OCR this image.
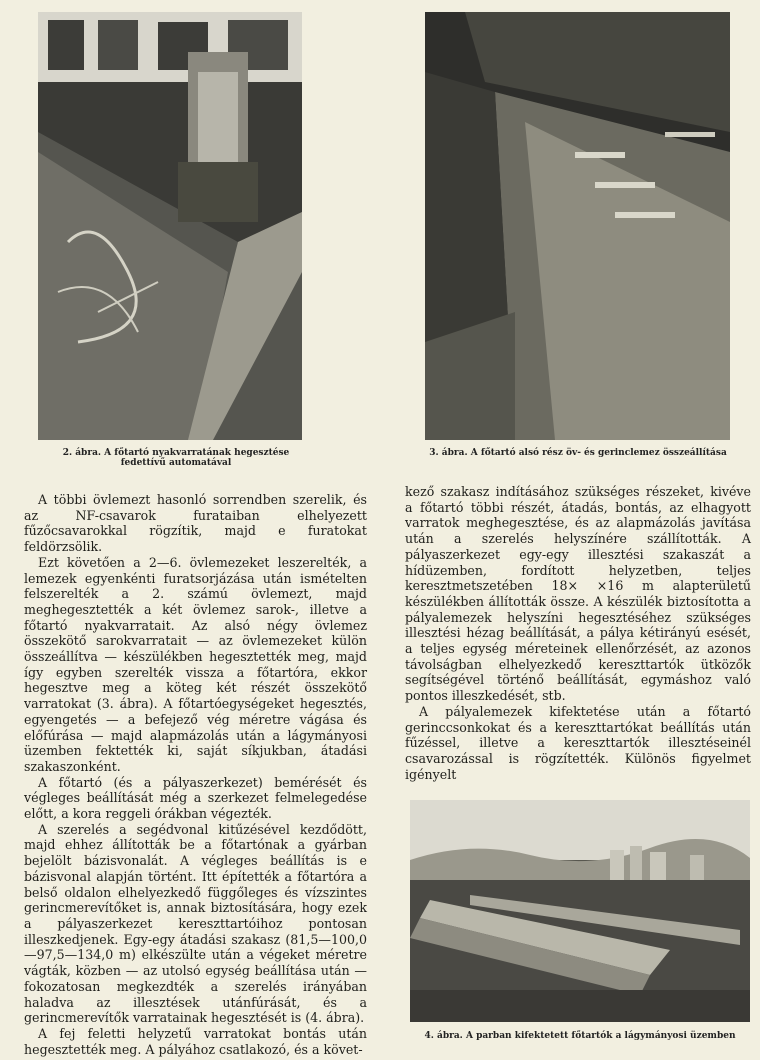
2. ábra. A főtartó nyakvarratának hegesztése fedettívű automatával
3. ábra. A főtartó alsó rész öv- és gerinclemez összeállítása

A többi övlemezt hasonló sorrendben szerelik, és az NF-csavarok furataiban elhelyezett fűzőcsavarokkal rögzítik, majd e furatokat feldörzsölik.

Ezt követően a 2—6. övlemezeket leszerelték, a lemezek egyenkénti furatsorjázása után ismételten felszerelték a 2. számú övlemezt, majd meghegesztették a két övlemez sarok-, illetve a főtartó nyakvarratait. Az alsó négy övlemez összekötő sarokvarratait — az övlemezeket külön összeállítva — készülékben hegesztették meg, majd így egyben szerelték vissza a főtartóra, ekkor hegesztve meg a köteg két részét összekötő varratokat (3. ábra). A főtartóegységeket hegesztés, egyengetés — a befejező vég méretre vágása és előfúrása — majd alapmázolás után a lágymányosi üzemben fektették ki, saját síkjukban, átadási szakaszonként.

A főtartó (és a pályaszerkezet) bemérését és végleges beállítását még a szerkezet felmelegedése előtt, a kora reggeli órákban végezték.

A szerelés a segédvonal kitűzésével kezdődött, majd ehhez állították be a főtartónak a gyárban bejelölt bázisvonalát. A végleges beállítás is e bázisvonal alapján történt. Itt építették a főtartóra a belső oldalon elhelyezkedő függőleges és vízszintes gerincmerevítőket is, annak biztosítására, hogy ezek a pályaszerkezet kereszttartóihoz pontosan illeszkedjenek. Egy-egy átadási szakasz (81,5—100,0 —97,5—134,0 m) elkészülte után a végeket méretre vágták, közben — az utolsó egység beállítása után — fokozatosan megkezdték a szerelés irányában haladva az illesztések utánfúrását, és a gerincmerevítők varratainak hegesztését is (4. ábra).

A fej feletti helyzetű varratokat bontás után hegesztették meg. A pályához csatlakozó, és a követ-

kező szakasz indításához szükséges részeket, kivéve a főtartó többi részét, átadás, bontás, az elhagyott varratok meghegesztése, és az alapmázolás javítása után a szerelés helyszínére szállították. A pályaszerkezet egy-egy illesztési szakaszát a hídüzemben, fordított helyzetben, teljes keresztmetszetében 18× ×16 m alapterületű készülékben állították össze. A készülék biztosította a pályalemezek helyszíni hegesztéséhez szükséges illesztési hézag beállítását, a pálya kétirányú esését, a teljes egység méreteinek ellenőrzését, az azonos távolságban elhelyezkedő kereszttartók ütközők segítségével történő beállítását, egymáshoz való pontos illeszkedését, stb.

A pályalemezek kifektetése után a főtartó gerinccsonkokat és a kereszttartókat beállítás után fűzéssel, illetve a kereszttartók illesztéseinél csavarozással is rögzítették. Különös figyelmet igényelt

4. ábra. A parban kifektetett főtartók a lágymányosi üzemben
